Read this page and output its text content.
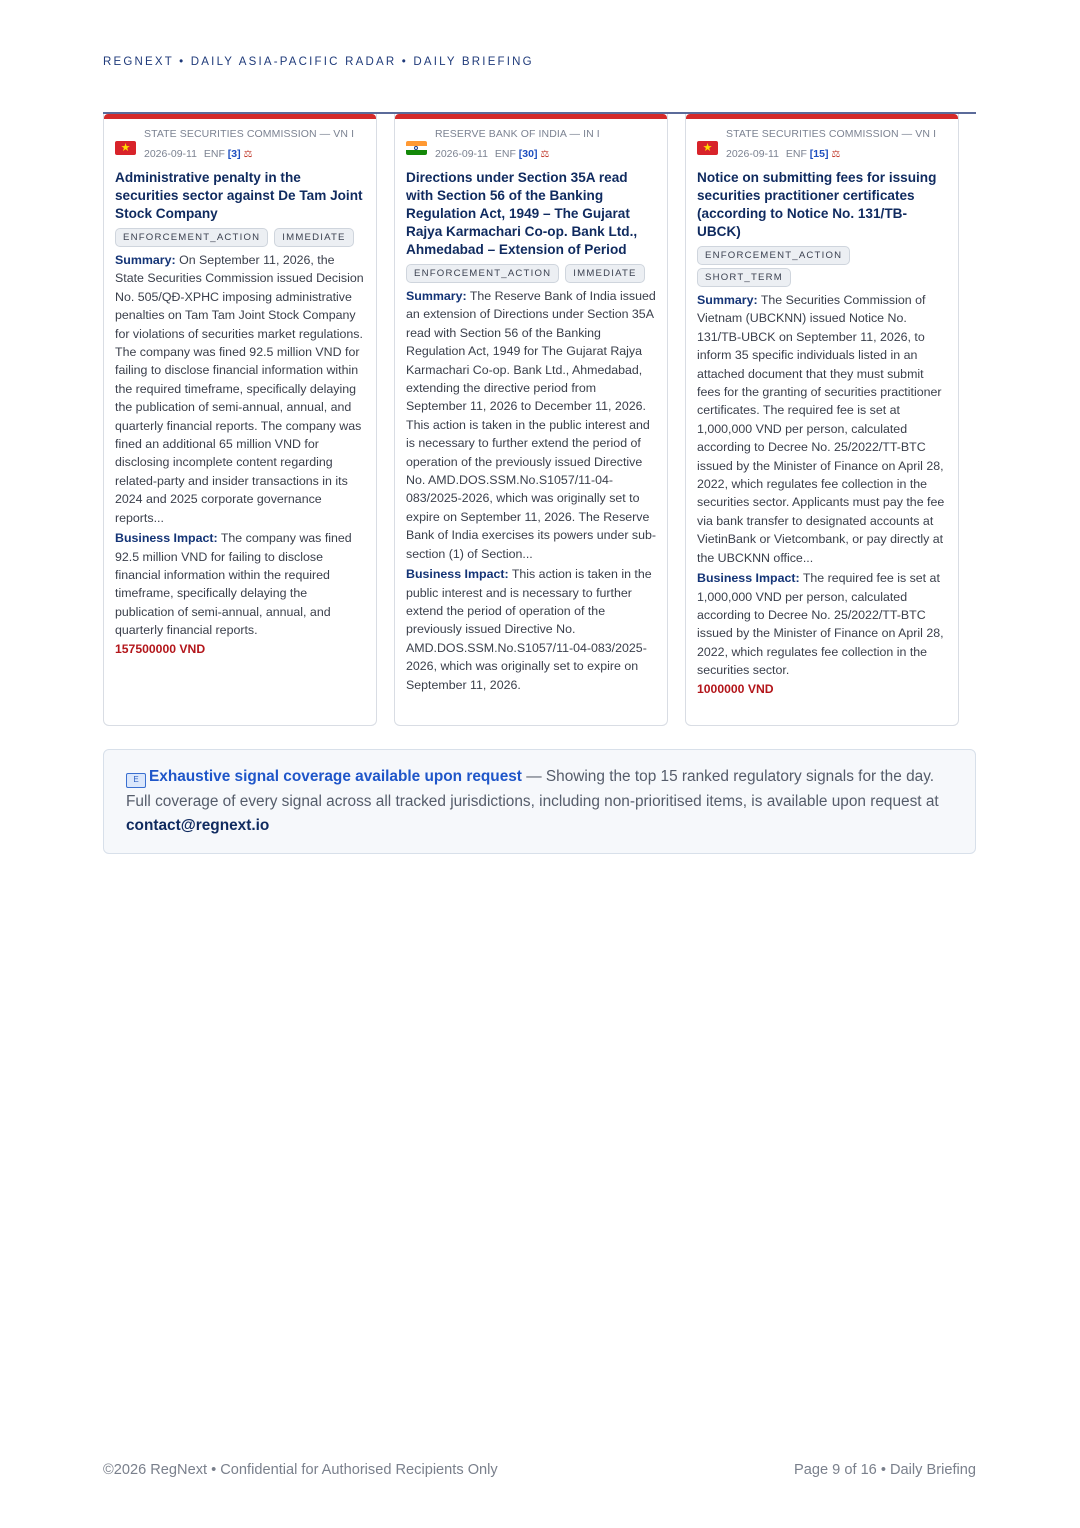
REGNEXT • DAILY ASIA-PACIFIC RADAR • DAILY BRIEFING
★
STATE SECURITIES COMMISSION — VN I
2026-09-11 ENF [3] ⚖
Administrative penalty in the securities sector against De Tam Joint Stock Company
ENFORCEMENT_ACTION IMMEDIATE

Summary: On September 11, 2026, the State Securities Commission issued Decision No. 505/QĐ-XPHC imposing administrative penalties on Tam Tam Joint Stock Company for violations of securities market regulations. The company was fined 92.5 million VND for failing to disclose financial information within the required timeframe, specifically delaying the publication of semi-annual, annual, and quarterly financial reports. The company was fined an additional 65 million VND for disclosing incomplete content regarding related-party and insider transactions in its 2024 and 2025 corporate governance reports...

Business Impact: The company was fined 92.5 million VND for failing to disclose financial information within the required timeframe, specifically delaying the publication of semi-annual, annual, and quarterly financial reports.

157500000 VND
RESERVE BANK OF INDIA — IN I
2026-09-11 ENF [30] ⚖
Directions under Section 35A read with Section 56 of the Banking Regulation Act, 1949 – The Gujarat Rajya Karmachari Co-op. Bank Ltd., Ahmedabad – Extension of Period
ENFORCEMENT_ACTION IMMEDIATE

Summary: The Reserve Bank of India issued an extension of Directions under Section 35A read with Section 56 of the Banking Regulation Act, 1949 for The Gujarat Rajya Karmachari Co-op. Bank Ltd., Ahmedabad, extending the directive period from September 11, 2026 to December 11, 2026. This action is taken in the public interest and is necessary to further extend the period of operation of the previously issued Directive No. AMD.DOS.SSM.No.S1057/11-04-083/2025-2026, which was originally set to expire on September 11, 2026. The Reserve Bank of India exercises its powers under sub-section (1) of Section...

Business Impact: This action is taken in the public interest and is necessary to further extend the period of operation of the previously issued Directive No. AMD.DOS.SSM.No.S1057/11-04-083/2025-2026, which was originally set to expire on September 11, 2026.

★
STATE SECURITIES COMMISSION — VN I
2026-09-11 ENF [15] ⚖
Notice on submitting fees for issuing securities practitioner certificates (according to Notice No. 131/TB-UBCK)
ENFORCEMENT_ACTION
SHORT_TERM

Summary: The Securities Commission of Vietnam (UBCKNN) issued Notice No. 131/TB-UBCK on September 11, 2026, to inform 35 specific individuals listed in an attached document that they must submit fees for the granting of securities practitioner certificates. The required fee is set at 1,000,000 VND per person, calculated according to Decree No. 25/2022/TT-BTC issued by the Minister of Finance on April 28, 2022, which regulates fee collection in the securities sector. Applicants must pay the fee via bank transfer to designated accounts at VietinBank or Vietcombank, or pay directly at the UBCKNN office...

Business Impact: The required fee is set at 1,000,000 VND per person, calculated according to Decree No. 25/2022/TT-BTC issued by the Minister of Finance on April 28, 2022, which regulates fee collection in the securities sector.

1000000 VND
E Exhaustive signal coverage available upon request — Showing the top 15 ranked regulatory signals for the day. Full coverage of every signal across all tracked jurisdictions, including non-prioritised items, is available upon request at contact@regnext.io
©2026 RegNext • Confidential for Authorised Recipients Only	Page 9 of 16 • Daily Briefing
